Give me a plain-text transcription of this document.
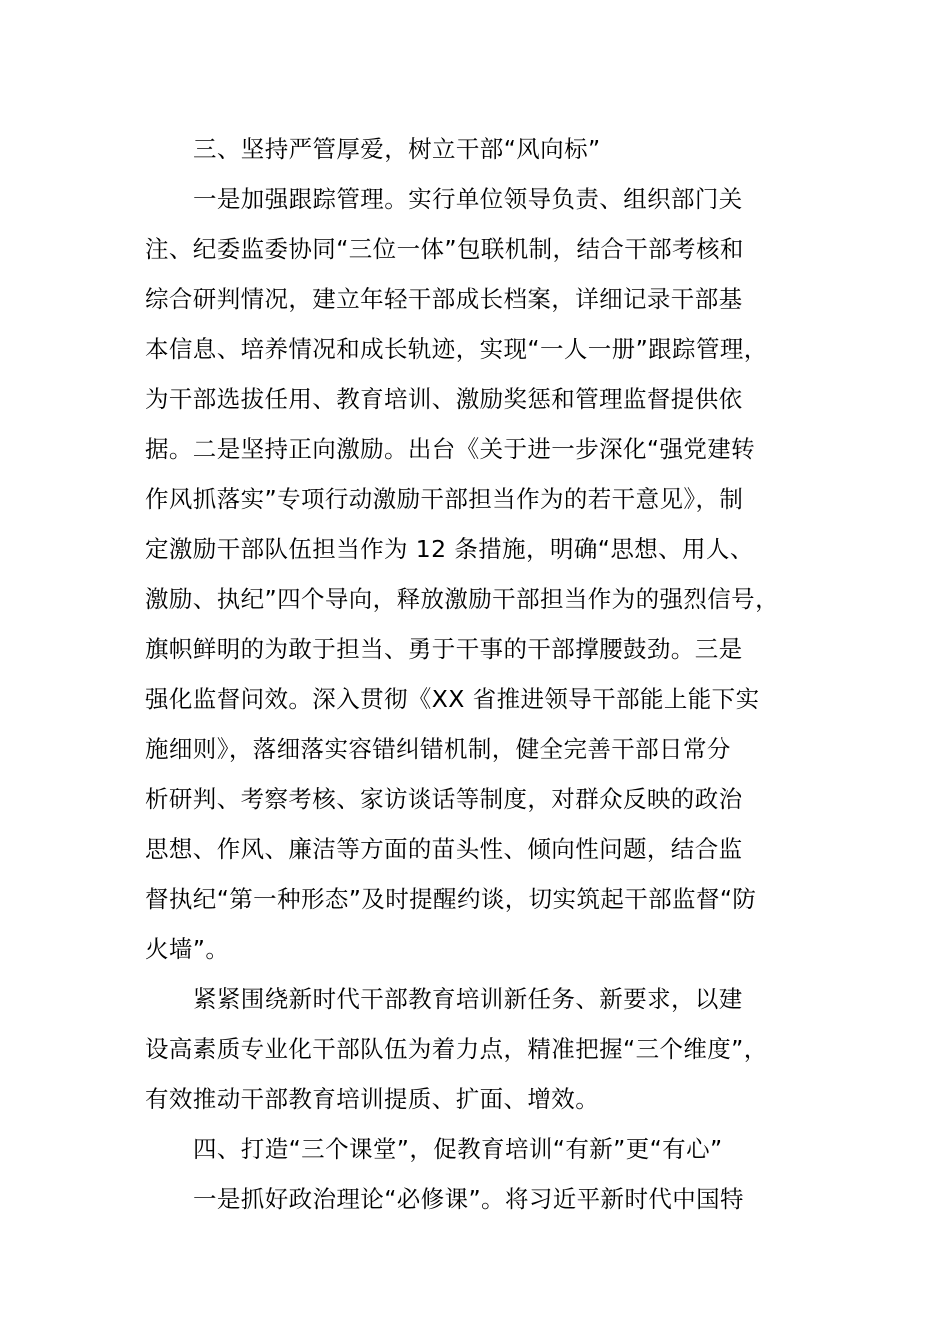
三、坚持严管厚爱，树立干部“风向标”

一是加强跟踪管理。实行单位领导负责、组织部门关
注、纪委监委协同“三位一体”包联机制，结合干部考核和
综合研判情况，建立年轻干部成长档案，详细记录干部基
本信息、培养情况和成长轨迹，实现“一人一册”跟踪管理，
为干部选拔任用、教育培训、激励奖惩和管理监督提供依
据。二是坚持正向激励。出台《关于进一步深化“强党建转
作风抓落实”专项行动激励干部担当作为的若干意见》，制
定激励干部队伍担当作为 12 条措施，明确“思想、用人、
激励、执纪”四个导向，释放激励干部担当作为的强烈信号，
旗帜鲜明的为敢于担当、勇于干事的干部撑腰鼓劲。三是
强化监督问效。深入贯彻《XX 省推进领导干部能上能下实
施细则》，落细落实容错纠错机制，健全完善干部日常分
析研判、考察考核、家访谈话等制度，对群众反映的政治
思想、作风、廉洁等方面的苗头性、倾向性问题，结合监
督执纪“第一种形态”及时提醒约谈，切实筑起干部监督“防
火墙”。

紧紧围绕新时代干部教育培训新任务、新要求，以建
设高素质专业化干部队伍为着力点，精准把握“三个维度”，
有效推动干部教育培训提质、扩面、增效。

四、打造“三个课堂”，促教育培训“有新”更“有心”

一是抓好政治理论“必修课”。将习近平新时代中国特
